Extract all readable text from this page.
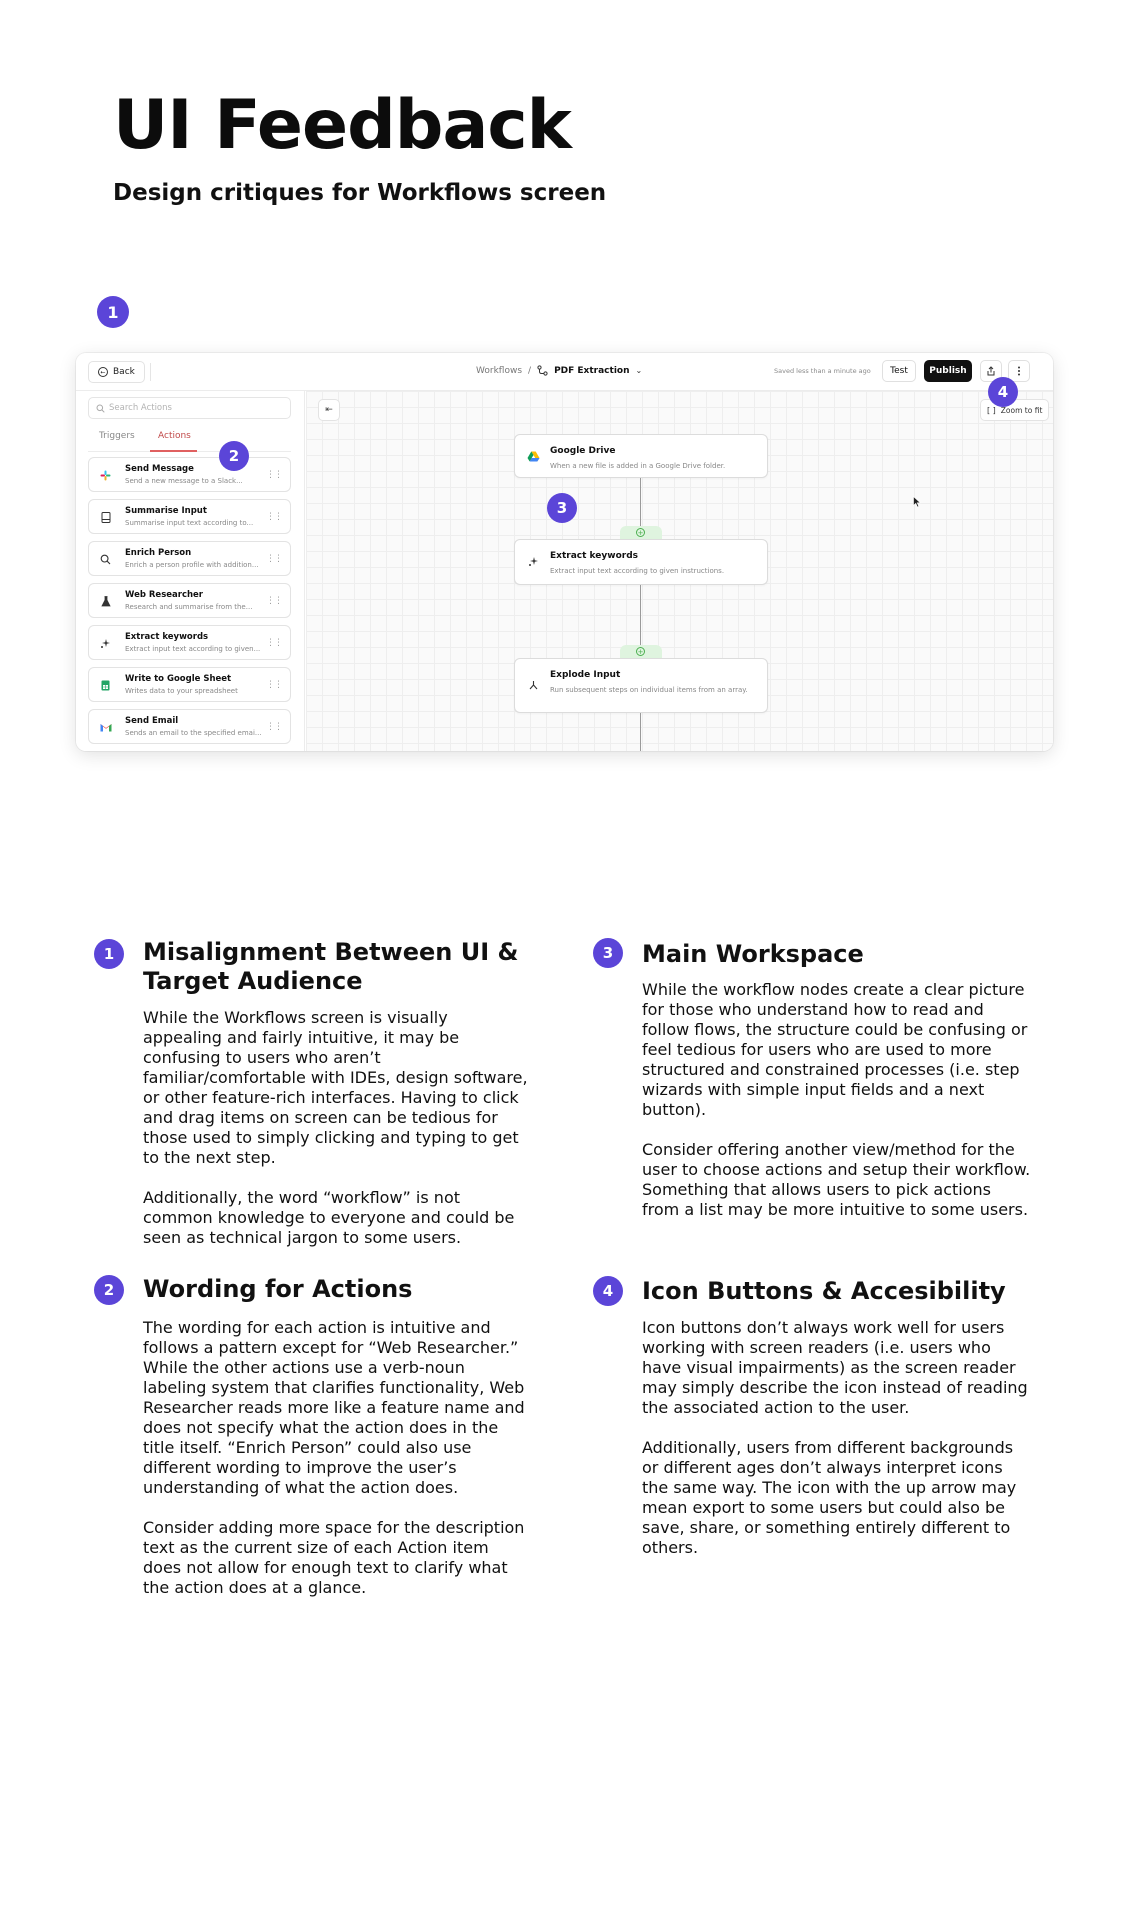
UI Feedback
Design critiques for Workflows screen
1
← Back	Workflows /	PDF Extraction ⌄	Saved less than a minute ago	Test	Publish
Search Actions
Triggers	Actions
Send Message
Send a new message to a Slack...
⋮⋮
Summarise Input
Summarise input text according to...
⋮⋮
Enrich Person
Enrich a person profile with addition...
⋮⋮
Web Researcher
Research and summarise from the...
⋮⋮
Extract keywords
Extract input text according to given...
⋮⋮
Write to Google Sheet
Writes data to your spreadsheet
⋮⋮
Send Email
Sends an email to the specified emai...
⋮⋮
⇤	[ ] Zoom to fit
Google Drive
When a new file is added in a Google Drive folder.
+
Extract keywords
Extract input text according to given instructions.
+
Explode Input
Run subsequent steps on individual items from an array.
2
3
4
1	Misalignment Between UI & Target Audience

While the Workflows screen is visually appealing and fairly intuitive, it may be confusing to users who aren’t familiar/comfortable with IDEs, design software, or other feature-rich interfaces. Having to click and drag items on screen can be tedious for those used to simply clicking and typing to get to the next step.

Additionally, the word “workflow” is not common knowledge to everyone and could be seen as technical jargon to some users.

2	Wording for Actions

The wording for each action is intuitive and follows a pattern except for “Web Researcher.” While the other actions use a verb-noun labeling system that clarifies functionality, Web Researcher reads more like a feature name and does not specify what the action does in the title itself. “Enrich Person” could also use different wording to improve the user’s understanding of what the action does.

Consider adding more space for the description text as the current size of each Action item does not allow for enough text to clarify what the action does at a glance.

3	Main Workspace

While the workflow nodes create a clear picture for those who understand how to read and follow flows, the structure could be confusing or feel tedious for users who are used to more structured and constrained processes (i.e. step wizards with simple input fields and a next button).

Consider offering another view/method for the user to choose actions and setup their workflow. Something that allows users to pick actions from a list may be more intuitive to some users.

4	Icon Buttons & Accesibility

Icon buttons don’t always work well for users working with screen readers (i.e. users who have visual impairments) as the screen reader may simply describe the icon instead of reading the associated action to the user.

Additionally, users from different backgrounds or different ages don’t always interpret icons the same way. The icon with the up arrow may mean export to some users but could also be save, share, or something entirely different to others.
